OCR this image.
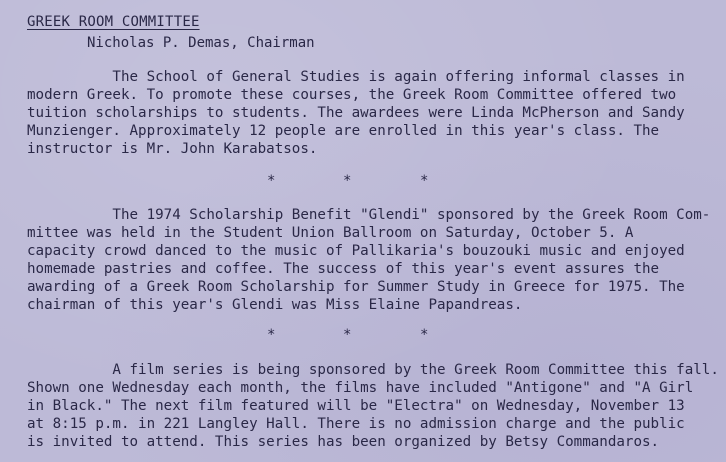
GREEK ROOM COMMITTEE
Nicholas P. Demas, Chairman
The School of General Studies is again offering informal classes in
modern Greek. To promote these courses, the Greek Room Committee offered two
tuition scholarships to students. The awardees were Linda McPherson and Sandy
Munzienger. Approximately 12 people are enrolled in this year's class. The
instructor is Mr. John Karabatsos.
*	*	*
The 1974 Scholarship Benefit "Glendi" sponsored by the Greek Room Com-
mittee was held in the Student Union Ballroom on Saturday, October 5. A
capacity crowd danced to the music of Pallikaria's bouzouki music and enjoyed
homemade pastries and coffee. The success of this year's event assures the
awarding of a Greek Room Scholarship for Summer Study in Greece for 1975. The
chairman of this year's Glendi was Miss Elaine Papandreas.
*	*	*
A film series is being sponsored by the Greek Room Committee this fall.
Shown one Wednesday each month, the films have included "Antigone" and "A Girl
in Black." The next film featured will be "Electra" on Wednesday, November 13
at 8:15 p.m. in 221 Langley Hall. There is no admission charge and the public
is invited to attend. This series has been organized by Betsy Commandaros.
